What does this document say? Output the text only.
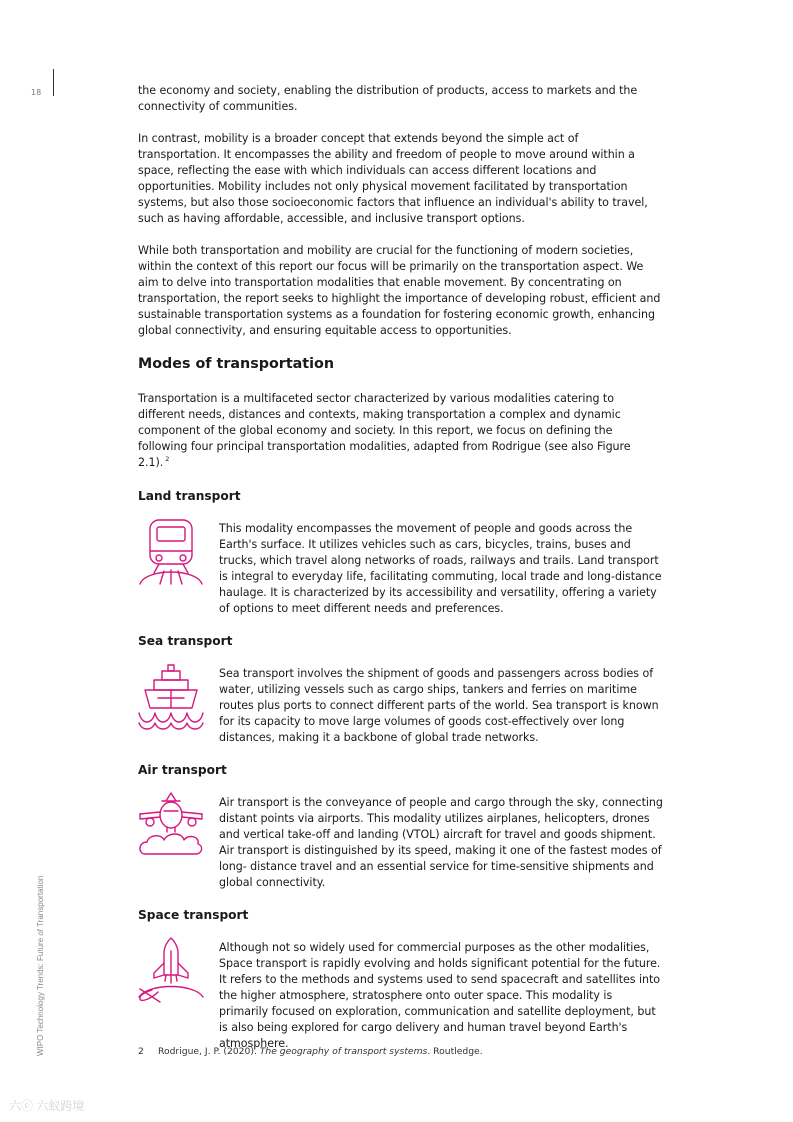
18
WIPO Technology Trends: Future of Transportation

the economy and society, enabling the distribution of products, access to markets and the connectivity of communities.

In contrast, mobility is a broader concept that extends beyond the simple act of transportation. It encompasses the ability and freedom of people to move around within a space, reflecting the ease with which individuals can access different locations and opportunities. Mobility includes not only physical movement facilitated by transportation systems, but also those socioeconomic factors that influence an individual's ability to travel, such as having affordable, accessible, and inclusive transport options.

While both transportation and mobility are crucial for the functioning of modern societies, within the context of this report our focus will be primarily on the transportation aspect. We aim to delve into transportation modalities that enable movement. By concentrating on transportation, the report seeks to highlight the importance of developing robust, efficient and sustainable transportation systems as a foundation for fostering economic growth, enhancing global connectivity, and ensuring equitable access to opportunities.

Modes of transportation

Transportation is a multifaceted sector characterized by various modalities catering to different needs, distances and contexts, making transportation a complex and dynamic component of the global economy and society. In this report, we focus on defining the following four principal transportation modalities, adapted from Rodrigue (see also Figure 2.1). $^2$

Land transport

This modality encompasses the movement of people and goods across the Earth's surface. It utilizes vehicles such as cars, bicycles, trains, buses and trucks, which travel along networks of roads, railways and trails. Land transport is integral to everyday life, facilitating commuting, local trade and long-distance haulage. It is characterized by its accessibility and versatility, offering a variety of options to meet different needs and preferences.

Sea transport

Sea transport involves the shipment of goods and passengers across bodies of water, utilizing vessels such as cargo ships, tankers and ferries on maritime routes plus ports to connect different parts of the world. Sea transport is known for its capacity to move large volumes of goods cost-effectively over long distances, making it a backbone of global trade networks.

Air transport

Air transport is the conveyance of people and cargo through the sky, connecting distant points via airports. This modality utilizes airplanes, helicopters, drones and vertical take-off and landing (VTOL) aircraft for travel and goods shipment. Air transport is distinguished by its speed, making it one of the fastest modes of long- distance travel and an essential service for time-sensitive shipments and global connectivity.

Space transport

Although not so widely used for commercial purposes as the other modalities, Space transport is rapidly evolving and holds significant potential for the future. It refers to the methods and systems used to send spacecraft and satellites into the higher atmosphere, stratosphere onto outer space. This modality is primarily focused on exploration, communication and satellite deployment, but is also being explored for cargo delivery and human travel beyond Earth's atmosphere.

2 Rodrigue, J. P. (2020). The geography of transport systems. Routledge.
六ⓒ 六蚁跨境
